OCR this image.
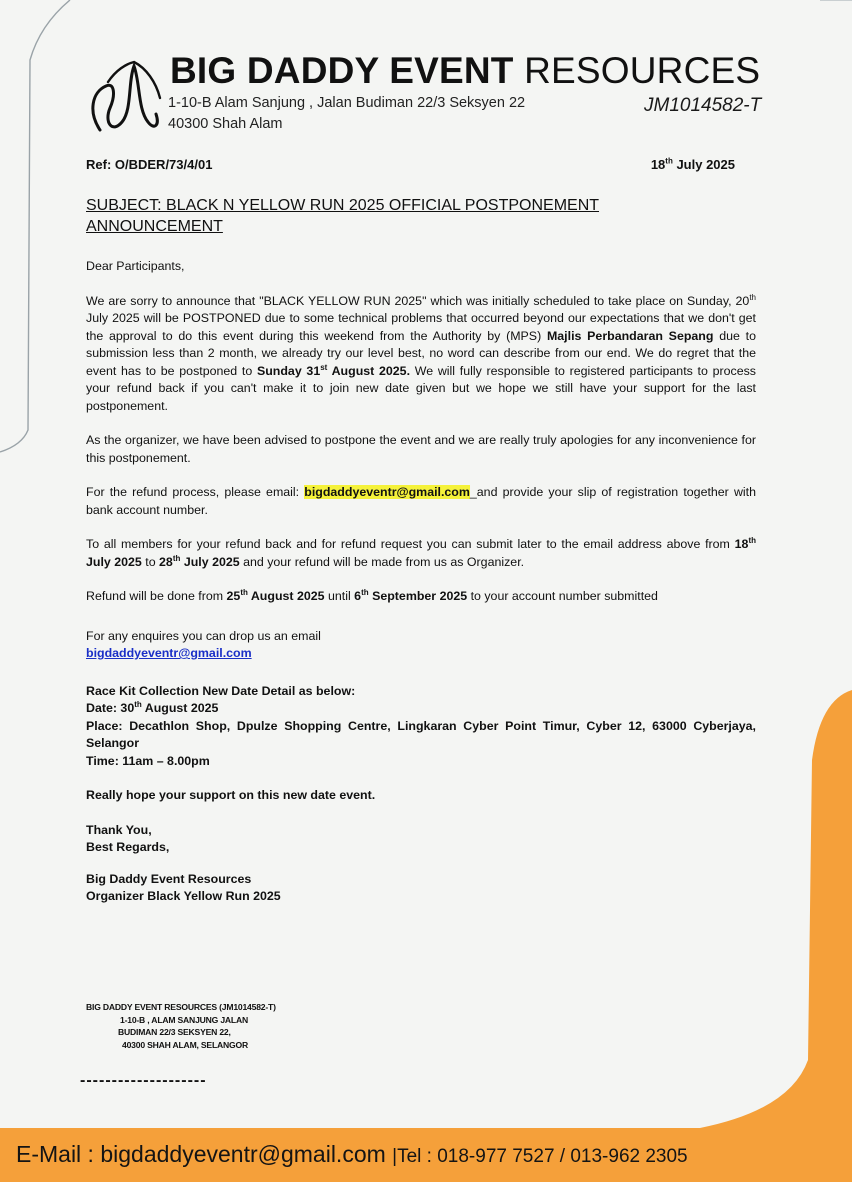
BIG DADDY EVENT RESOURCES
1-10-B Alam Sanjung , Jalan Budiman 22/3 Seksyen 22
40300 Shah Alam
JM1014582-T
Ref: O/BDER/73/4/01	18th July 2025
SUBJECT: BLACK N YELLOW RUN 2025 OFFICIAL POSTPONEMENT
ANNOUNCEMENT

Dear Participants,

We are sorry to announce that "BLACK YELLOW RUN 2025" which was initially scheduled to take place on Sunday, 20th July 2025 will be POSTPONED due to some technical problems that occurred beyond our expectations that we don't get the approval to do this event during this weekend from the Authority by (MPS) Majlis Perbandaran Sepang due to submission less than 2 month, we already try our level best, no word can describe from our end. We do regret that the event has to be postponed to Sunday 31st August 2025. We will fully responsible to registered participants to process your refund back if you can't make it to join new date given but we hope we still have your support for the last postponement.

As the organizer, we have been advised to postpone the event and we are really truly apologies for any inconvenience for this postponement.

For the refund process, please email: bigdaddyeventr@gmail.com_and provide your slip of registration together with bank account number.

To all members for your refund back and for refund request you can submit later to the email address above from 18th July 2025 to 28th July 2025 and your refund will be made from us as Organizer.

Refund will be done from 25th August 2025 until 6th September 2025 to your account number submitted

For any enquires you can drop us an email

bigdaddyeventr@gmail.com

Race Kit Collection New Date Detail as below:

Date: 30th August 2025

Place: Decathlon Shop, Dpulze Shopping Centre, Lingkaran Cyber Point Timur, Cyber 12, 63000 Cyberjaya, Selangor

Time: 11am – 8.00pm

Really hope your support on this new date event.

Thank You,

Best Regards,

Big Daddy Event Resources

Organizer Black Yellow Run 2025

BIG DADDY EVENT RESOURCES (JM1014582-T)
1-10-B , ALAM SANJUNG JALAN
BUDIMAN 22/3 SEKSYEN 22,
40300 SHAH ALAM, SELANGOR
--------------------
E-Mail : bigdaddyeventr@gmail.com |Tel : 018-977 7527 / 013-962 2305
